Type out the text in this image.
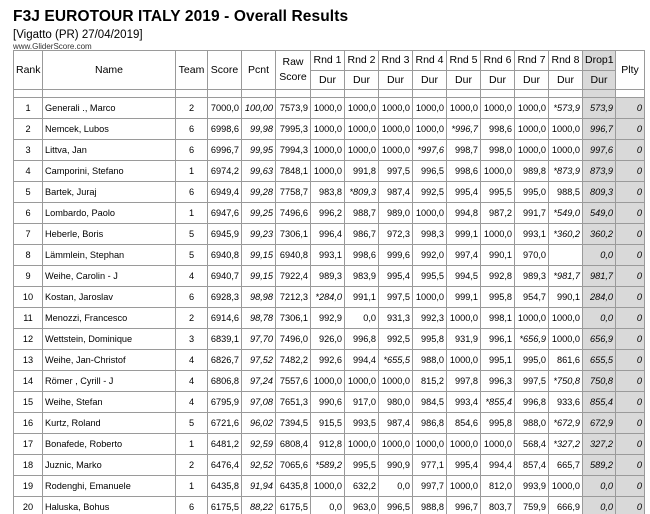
F3J EUROTOUR ITALY 2019 - Overall Results
[Vigatto (PR) 27/04/2019]
www.GliderScore.com
Rank	Name	Team	Score	Pcnt	Raw Score	Rnd 1	Rnd 2	Rnd 3	Rnd 4	Rnd 5	Rnd 6	Rnd 7	Rnd 8	Drop1	Plty
						Dur	Dur	Dur	Dur	Dur	Dur	Dur	Dur	Dur	

1	Generali ., Marco	2	7000,0	100,00	7573,9	1000,0	1000,0	1000,0	1000,0	1000,0	1000,0	1000,0	*573,9	573,9	0
2	Nemcek, Lubos	6	6998,6	99,98	7995,3	1000,0	1000,0	1000,0	1000,0	*996,7	998,6	1000,0	1000,0	996,7	0
3	Littva, Jan	6	6996,7	99,95	7994,3	1000,0	1000,0	1000,0	*997,6	998,7	998,0	1000,0	1000,0	997,6	0
4	Camporini, Stefano	1	6974,2	99,63	7848,1	1000,0	991,8	997,5	996,5	998,6	1000,0	989,8	*873,9	873,9	0
5	Bartek, Juraj	6	6949,4	99,28	7758,7	983,8	*809,3	987,4	992,5	995,4	995,5	995,0	988,5	809,3	0
6	Lombardo, Paolo	1	6947,6	99,25	7496,6	996,2	988,7	989,0	1000,0	994,8	987,2	991,7	*549,0	549,0	0
7	Heberle, Boris	5	6945,9	99,23	7306,1	996,4	986,7	972,3	998,3	999,1	1000,0	993,1	*360,2	360,2	0
8	Lämmlein, Stephan	5	6940,8	99,15	6940,8	993,1	998,6	999,6	992,0	997,4	990,1	970,0		0,0	0
9	Weihe, Carolin - J	4	6940,7	99,15	7922,4	989,3	983,9	995,4	995,5	994,5	992,8	989,3	*981,7	981,7	0
10	Kostan, Jaroslav	6	6928,3	98,98	7212,3	*284,0	991,1	997,5	1000,0	999,1	995,8	954,7	990,1	284,0	0
11	Menozzi, Francesco	2	6914,6	98,78	7306,1	992,9	0,0	931,3	992,3	1000,0	998,1	1000,0	1000,0	0,0	0
12	Wettstein, Dominique	3	6839,1	97,70	7496,0	926,0	996,8	992,5	995,8	931,9	996,1	*656,9	1000,0	656,9	0
13	Weihe, Jan-Christof	4	6826,7	97,52	7482,2	992,6	994,4	*655,5	988,0	1000,0	995,1	995,0	861,6	655,5	0
14	Römer , Cyrill - J	4	6806,8	97,24	7557,6	1000,0	1000,0	1000,0	815,2	997,8	996,3	997,5	*750,8	750,8	0
15	Weihe, Stefan	4	6795,9	97,08	7651,3	990,6	917,0	980,0	984,5	993,4	*855,4	996,8	933,6	855,4	0
16	Kurtz, Roland	5	6721,6	96,02	7394,5	915,5	993,5	987,4	986,8	854,6	995,8	988,0	*672,9	672,9	0
17	Bonafede, Roberto	1	6481,2	92,59	6808,4	912,8	1000,0	1000,0	1000,0	1000,0	1000,0	568,4	*327,2	327,2	0
18	Juznic, Marko	2	6476,4	92,52	7065,6	*589,2	995,5	990,9	977,1	995,4	994,4	857,4	665,7	589,2	0
19	Rodenghi, Emanuele	1	6435,8	91,94	6435,8	1000,0	632,2	0,0	997,7	1000,0	812,0	993,9	1000,0	0,0	0
20	Haluska, Bohus	6	6175,5	88,22	6175,5	0,0	963,0	996,5	988,8	996,7	803,7	759,9	666,9	0,0	0
